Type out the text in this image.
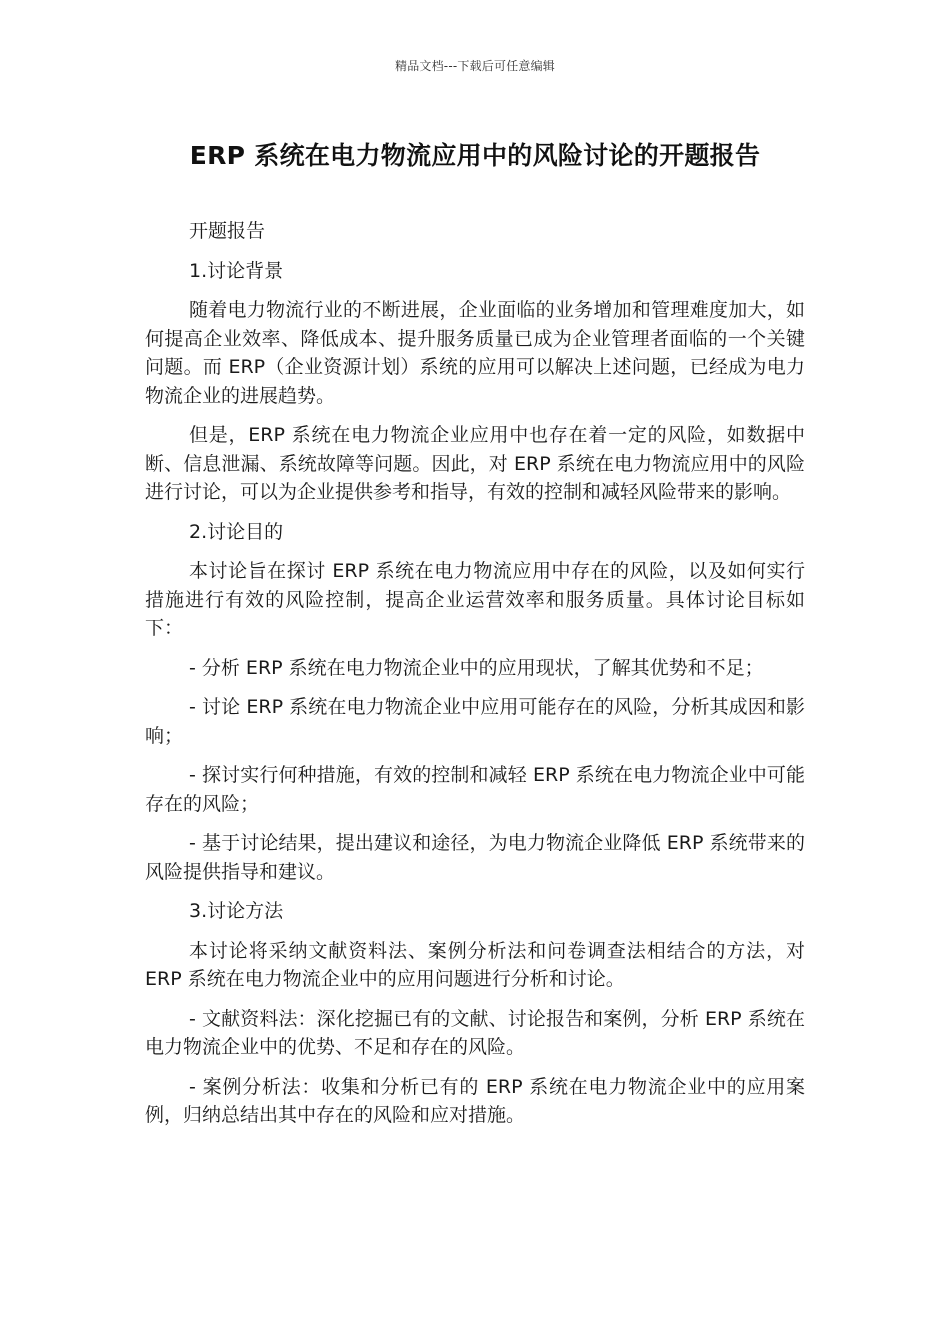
精品文档---下载后可任意编辑
ERP 系统在电力物流应用中的风险讨论的开题报告

开题报告

1.讨论背景

随着电力物流行业的不断进展，企业面临的业务增加和管理难度加大，如何提高企业效率、降低成本、提升服务质量已成为企业管理者面临的一个关键问题。而 ERP（企业资源计划）系统的应用可以解决上述问题，已经成为电力物流企业的进展趋势。

但是，ERP 系统在电力物流企业应用中也存在着一定的风险，如数据中断、信息泄漏、系统故障等问题。因此，对 ERP 系统在电力物流应用中的风险进行讨论，可以为企业提供参考和指导，有效的控制和减轻风险带来的影响。

2.讨论目的

本讨论旨在探讨 ERP 系统在电力物流应用中存在的风险，以及如何实行措施进行有效的风险控制，提高企业运营效率和服务质量。具体讨论目标如下：

- 分析 ERP 系统在电力物流企业中的应用现状，了解其优势和不足；

- 讨论 ERP 系统在电力物流企业中应用可能存在的风险，分析其成因和影响；

- 探讨实行何种措施，有效的控制和减轻 ERP 系统在电力物流企业中可能存在的风险；

- 基于讨论结果，提出建议和途径，为电力物流企业降低 ERP 系统带来的风险提供指导和建议。

3.讨论方法

本讨论将采纳文献资料法、案例分析法和问卷调查法相结合的方法，对 ERP 系统在电力物流企业中的应用问题进行分析和讨论。

- 文献资料法：深化挖掘已有的文献、讨论报告和案例，分析 ERP 系统在电力物流企业中的优势、不足和存在的风险。

- 案例分析法：收集和分析已有的 ERP 系统在电力物流企业中的应用案例，归纳总结出其中存在的风险和应对措施。
